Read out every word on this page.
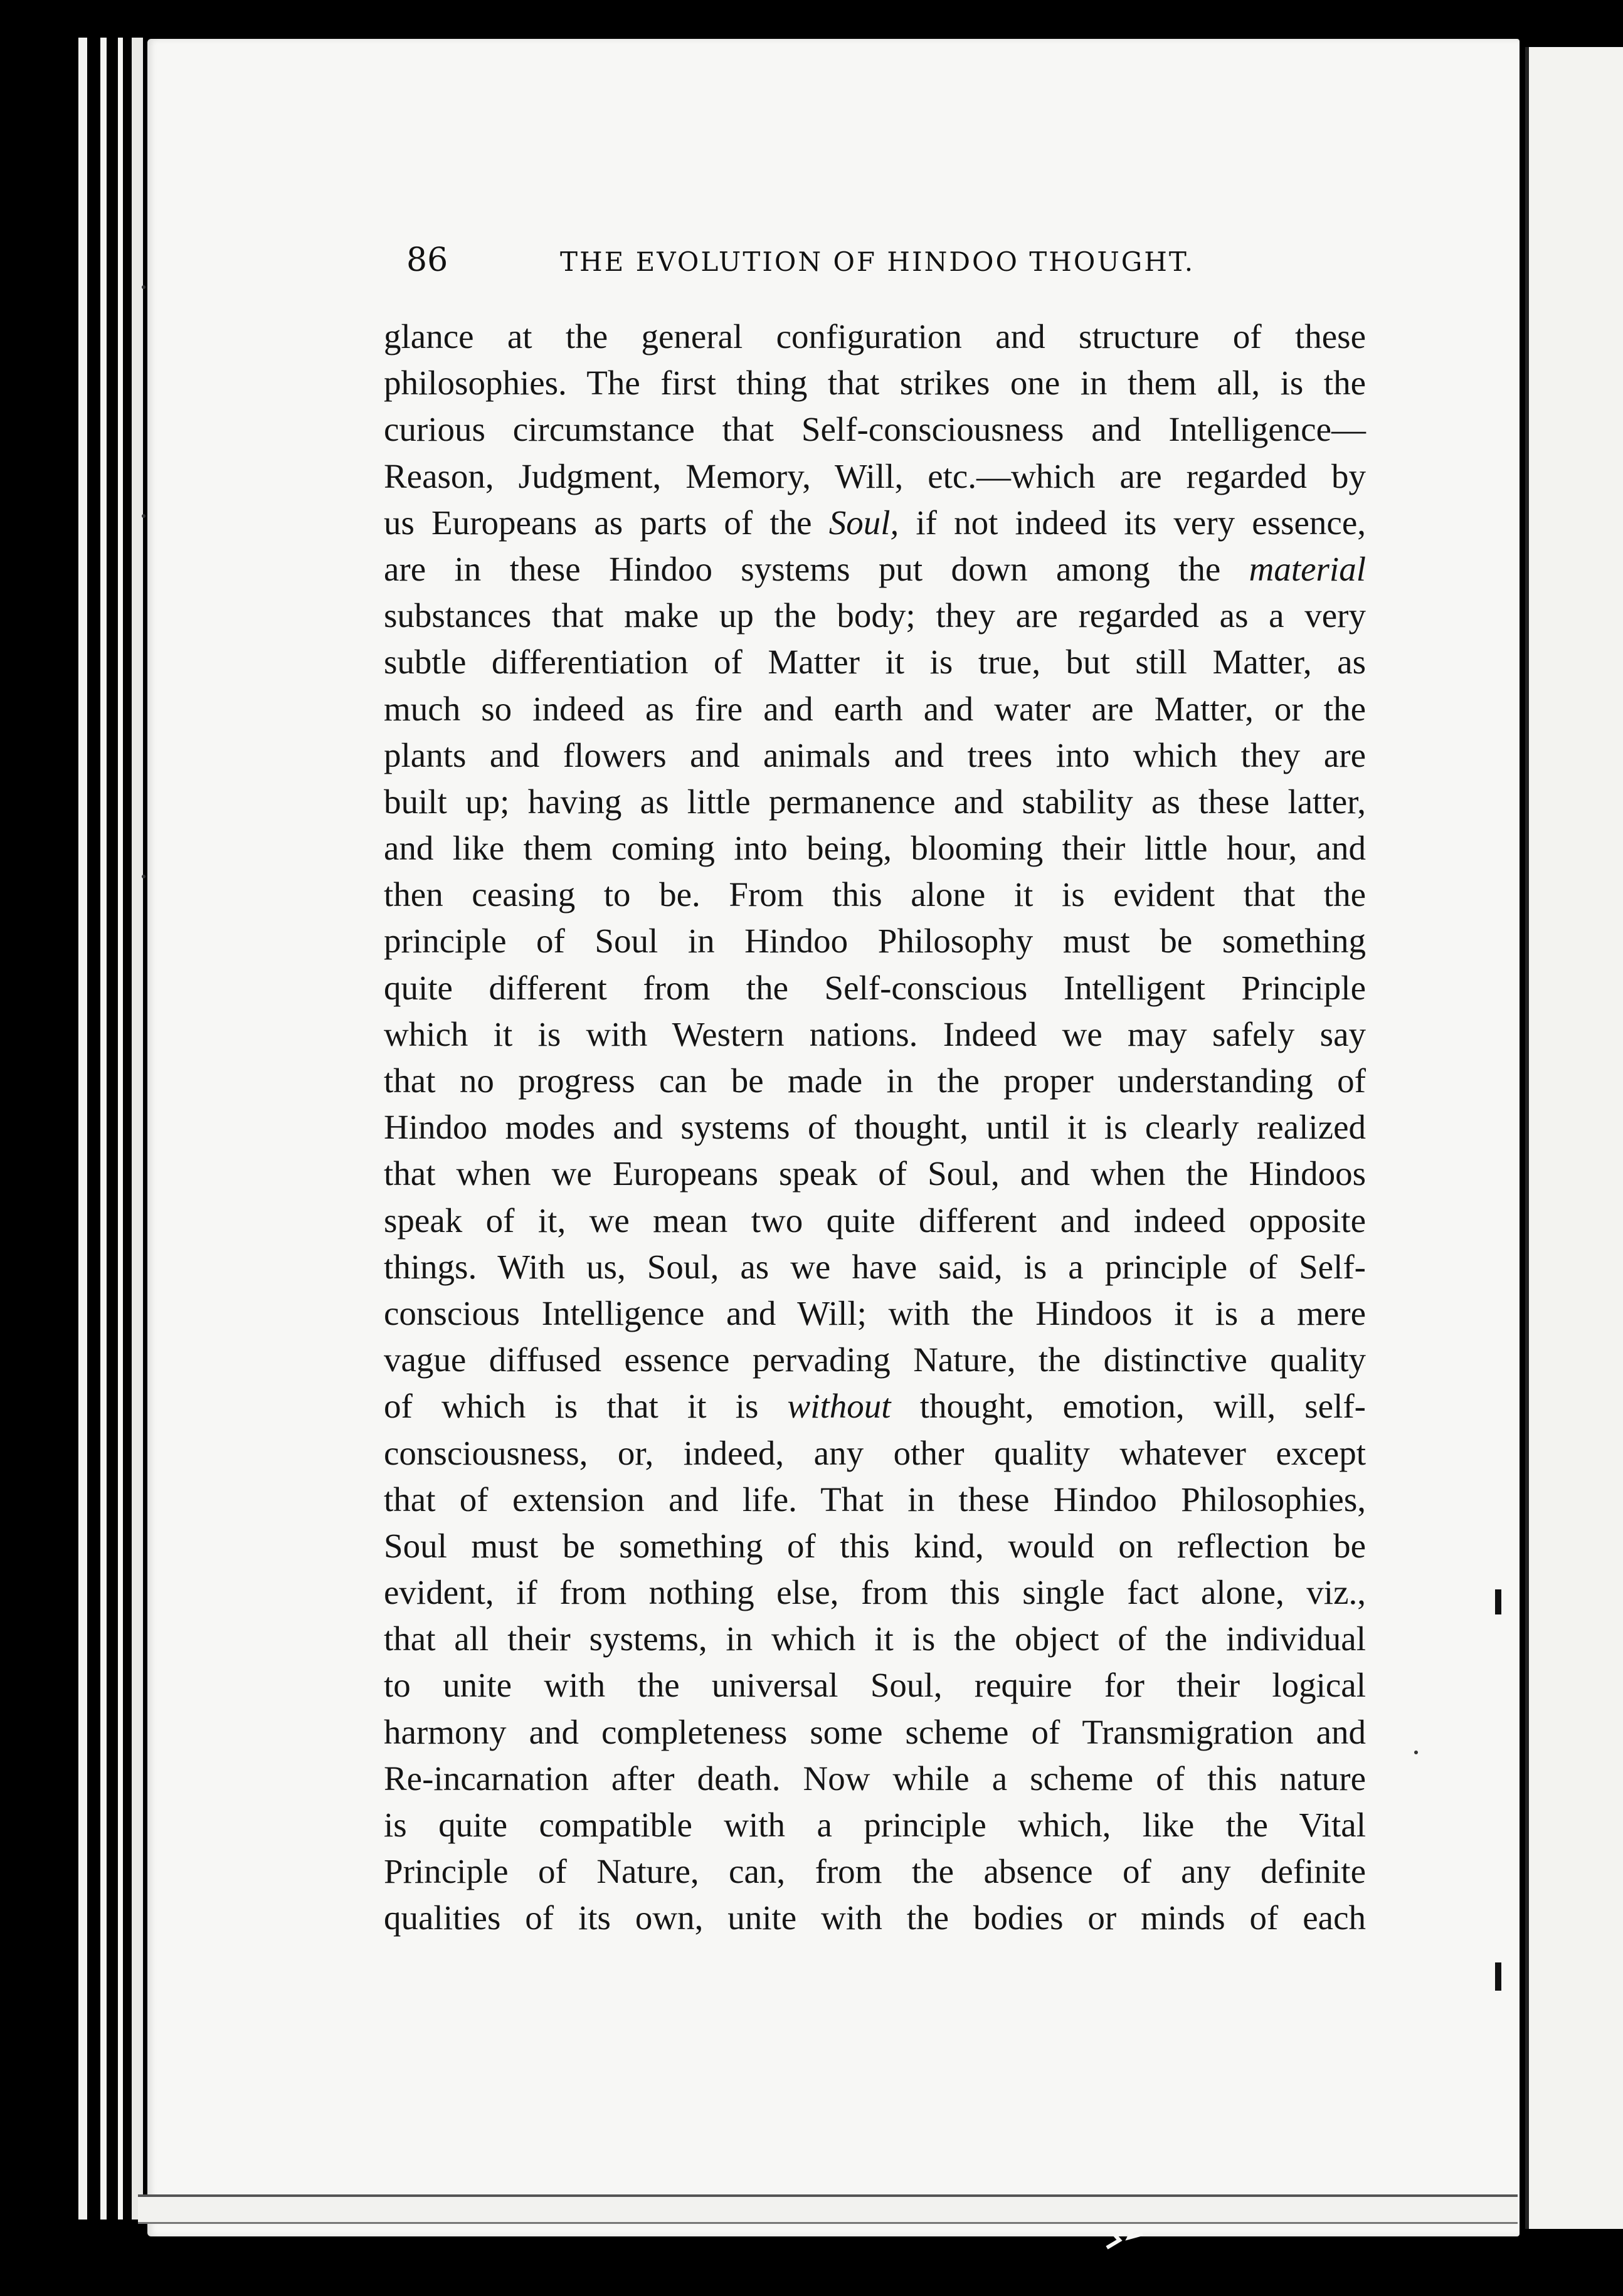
86	THE EVOLUTION OF HINDOO THOUGHT.
glance at the general configuration and structure of these
philosophies. The first thing that strikes one in them all, is the
curious circumstance that Self-consciousness and Intelligence—
Reason, Judgment, Memory, Will, etc.—which are regarded by
us Europeans as parts of the Soul, if not indeed its very essence,
are in these Hindoo systems put down among the material
substances that make up the body; they are regarded as a very
subtle differentiation of Matter it is true, but still Matter, as
much so indeed as fire and earth and water are Matter, or the
plants and flowers and animals and trees into which they are
built up; having as little permanence and stability as these latter,
and like them coming into being, blooming their little hour, and
then ceasing to be. From this alone it is evident that the
principle of Soul in Hindoo Philosophy must be something
quite different from the Self-conscious Intelligent Principle
which it is with Western nations. Indeed we may safely say
that no progress can be made in the proper understanding of
Hindoo modes and systems of thought, until it is clearly realized
that when we Europeans speak of Soul, and when the Hindoos
speak of it, we mean two quite different and indeed opposite
things. With us, Soul, as we have said, is a principle of Self-
conscious Intelligence and Will; with the Hindoos it is a mere
vague diffused essence pervading Nature, the distinctive quality
of which is that it is without thought, emotion, will, self-
consciousness, or, indeed, any other quality whatever except
that of extension and life. That in these Hindoo Philosophies,
Soul must be something of this kind, would on reflection be
evident, if from nothing else, from this single fact alone, viz.,
that all their systems, in which it is the object of the individual
to unite with the universal Soul, require for their logical
harmony and completeness some scheme of Transmigration and
Re-incarnation after death. Now while a scheme of this nature
is quite compatible with a principle which, like the Vital
Principle of Nature, can, from the absence of any definite
qualities of its own, unite with the bodies or minds of each
